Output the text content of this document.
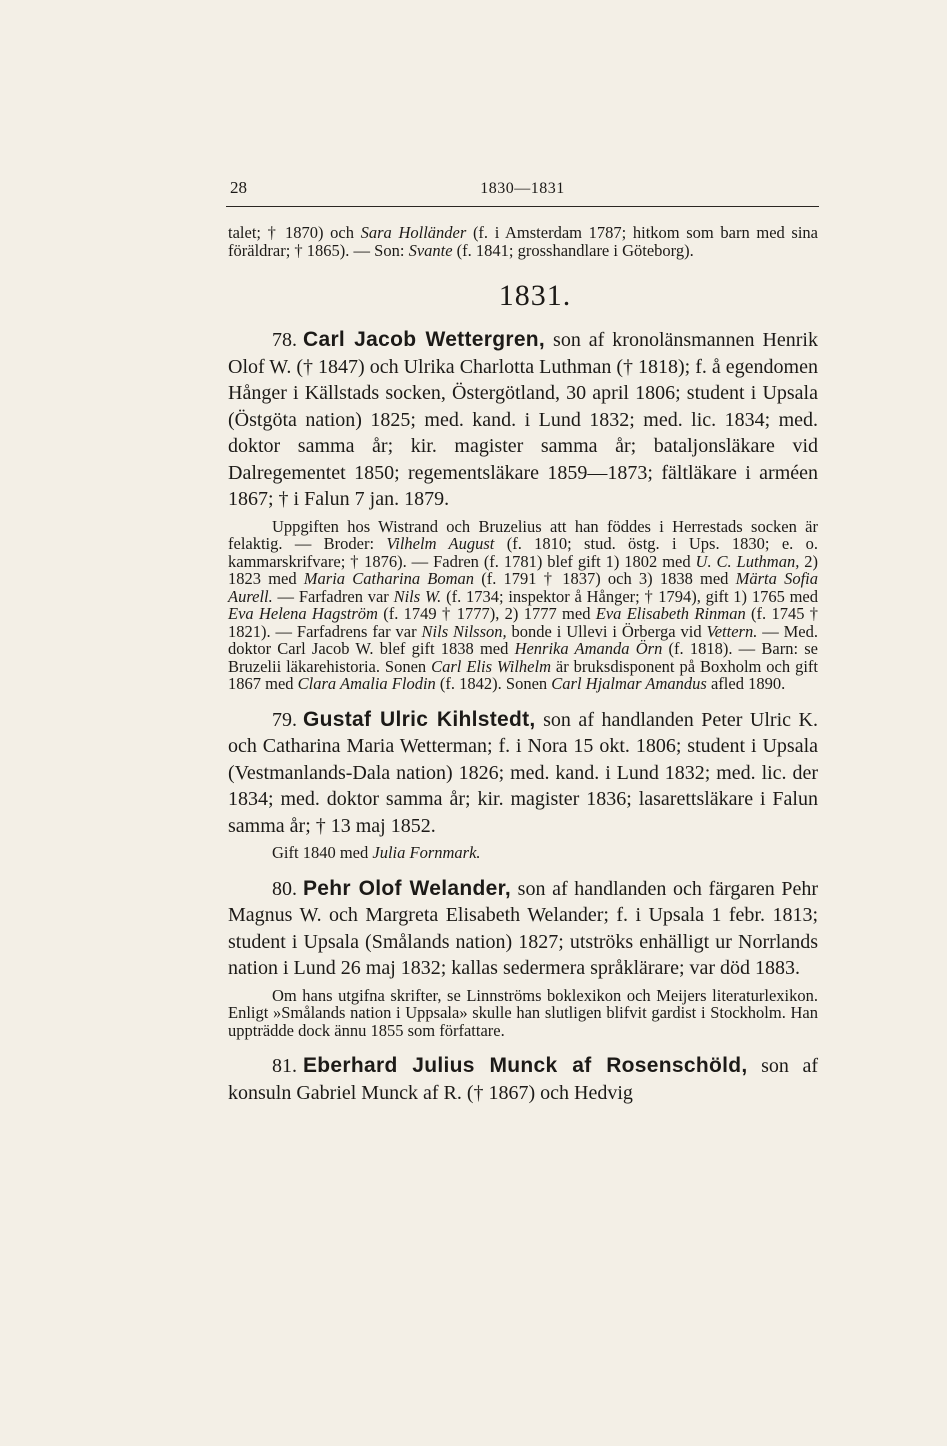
28	1830—1831

talet; † 1870) och Sara Holländer (f. i Amsterdam 1787; hitkom som barn med sina föräldrar; † 1865). — Son: Svante (f. 1841; grosshandlare i Göteborg).

1831.

78. Carl Jacob Wettergren, son af kronolänsmannen Henrik Olof W. († 1847) och Ulrika Charlotta Luthman († 1818); f. å egendomen Hånger i Källstads socken, Östergötland, 30 april 1806; student i Upsala (Östgöta nation) 1825; med. kand. i Lund 1832; med. lic. 1834; med. doktor samma år; kir. magister samma år; bataljonsläkare vid Dalregementet 1850; regementsläkare 1859—1873; fältläkare i arméen 1867; † i Falun 7 jan. 1879.

Uppgiften hos Wistrand och Bruzelius att han föddes i Herrestads socken är felaktig. — Broder: Vilhelm August (f. 1810; stud. östg. i Ups. 1830; e. o. kammarskrifvare; † 1876). — Fadren (f. 1781) blef gift 1) 1802 med U. C. Luthman, 2) 1823 med Maria Catharina Boman (f. 1791 † 1837) och 3) 1838 med Märta Sofia Aurell. — Farfadren var Nils W. (f. 1734; inspektor å Hånger; † 1794), gift 1) 1765 med Eva Helena Hagström (f. 1749 † 1777), 2) 1777 med Eva Elisabeth Rinman (f. 1745 † 1821). — Farfadrens far var Nils Nilsson, bonde i Ullevi i Örberga vid Vettern. — Med. doktor Carl Jacob W. blef gift 1838 med Henrika Amanda Örn (f. 1818). — Barn: se Bruzelii läkarehistoria. Sonen Carl Elis Wilhelm är bruksdisponent på Boxholm och gift 1867 med Clara Amalia Flodin (f. 1842). Sonen Carl Hjalmar Amandus afled 1890.

79. Gustaf Ulric Kihlstedt, son af handlanden Peter Ulric K. och Catharina Maria Wetterman; f. i Nora 15 okt. 1806; student i Upsala (Vestmanlands-Dala nation) 1826; med. kand. i Lund 1832; med. lic. der 1834; med. doktor samma år; kir. magister 1836; lasarettsläkare i Falun samma år; † 13 maj 1852.

Gift 1840 med Julia Fornmark.

80. Pehr Olof Welander, son af handlanden och färgaren Pehr Magnus W. och Margreta Elisabeth Welander; f. i Upsala 1 febr. 1813; student i Upsala (Smålands nation) 1827; utströks enhälligt ur Norrlands nation i Lund 26 maj 1832; kallas sedermera språklärare; var död 1883.

Om hans utgifna skrifter, se Linnströms boklexikon och Meijers literaturlexikon. Enligt »Smålands nation i Uppsala» skulle han slutligen blifvit gardist i Stockholm. Han uppträdde dock ännu 1855 som författare.

81. Eberhard Julius Munck af Rosenschöld, son af konsuln Gabriel Munck af R. († 1867) och Hedvig
